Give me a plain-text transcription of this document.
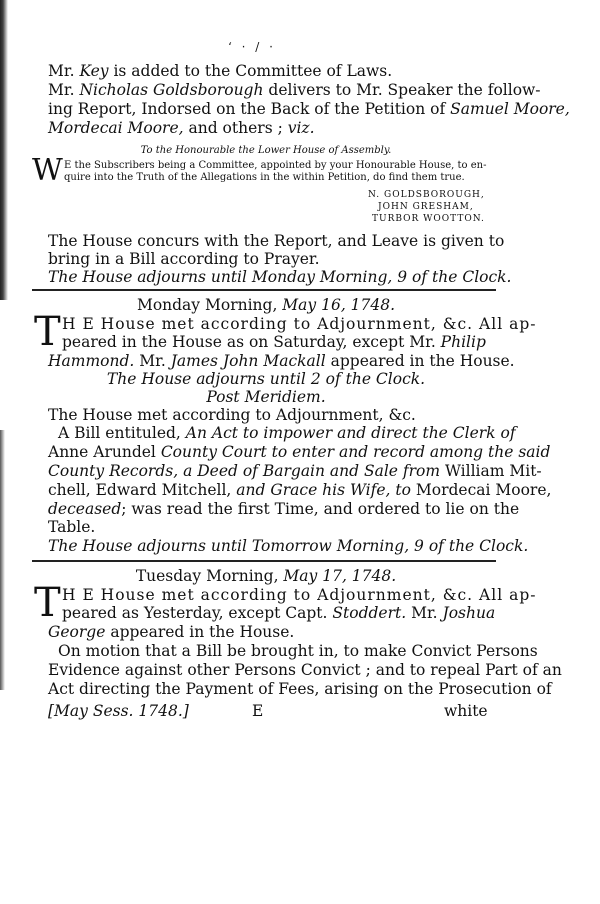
ʻ ‧ / ‧
Mr. Key is added to the Committee of Laws.
Mr. Nicholas Goldsborough delivers to Mr. Speaker the follow-
ing Report, Indorsed on the Back of the Petition of Samuel Moore,
Mordecai Moore, and others ; viz.
To the Honourable the Lower House of Assembly.
W E the Subscribers being a Committee, appointed by your Honourable House, to en-
quire into the Truth of the Allegations in the within Petition, do find them true.
N. GOLDSBOROUGH,
JOHN GRESHAM,
TURBOR WOOTTON.
The House concurs with the Report, and Leave is given to
bring in a Bill according to Prayer.
The House adjourns until Monday Morning, 9 of the Clock.
Monday Morning, May 16, 1748.
T H E House met according to Adjournment, &c. All ap-
peared in the House as on Saturday, except Mr. Philip
Hammond. Mr. James John Mackall appeared in the House.
The House adjourns until 2 of the Clock.
Post Meridiem.
The House met according to Adjournment, &c.
A Bill entituled, An Act to impower and direct the Clerk of
Anne Arundel County Court to enter and record among the said
County Records, a Deed of Bargain and Sale from William Mit-
chell, Edward Mitchell, and Grace his Wife, to Mordecai Moore,
deceased; was read the first Time, and ordered to lie on the
Table.
The House adjourns until Tomorrow Morning, 9 of the Clock.
Tuesday Morning, May 17, 1748.
T H E House met according to Adjournment, &c. All ap-
peared as Yesterday, except Capt. Stoddert. Mr. Joshua
George appeared in the House.
On motion that a Bill be brought in, to make Convict Persons
Evidence against other Persons Convict ; and to repeal Part of an
Act directing the Payment of Fees, arising on the Prosecution of
[May Sess. 1748.]	E	white
